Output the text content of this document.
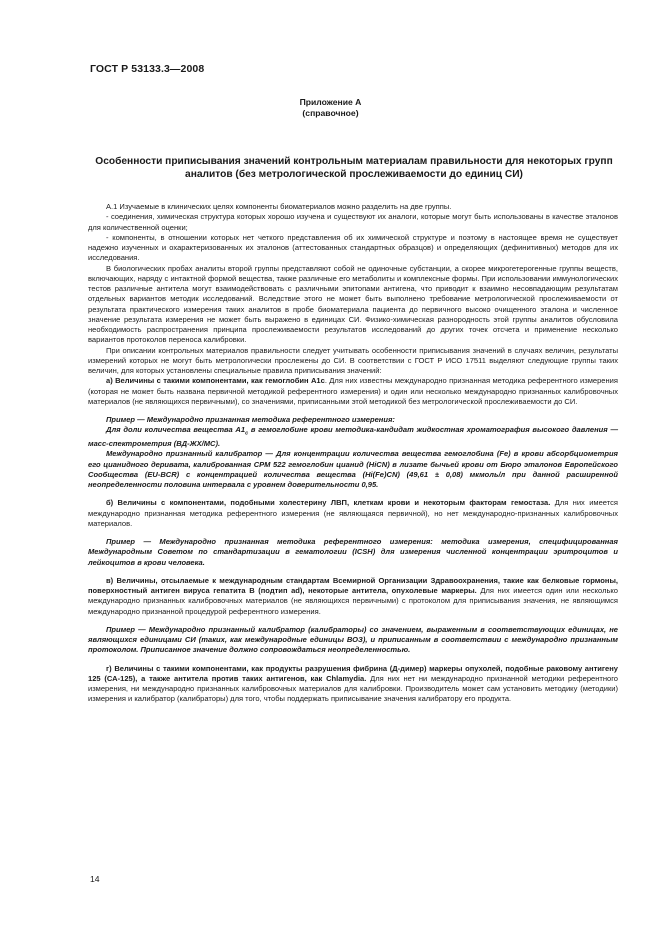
ГОСТ Р 53133.3—2008
Приложение А
(справочное)
Особенности приписывания значений контрольным материалам правильности для некоторых групп аналитов (без метрологической прослеживаемости до единиц СИ)

А.1 Изучаемые в клинических целях компоненты биоматериалов можно разделить на две группы.

- соединения, химическая структура которых хорошо изучена и существуют их аналоги, которые могут быть использованы в качестве эталонов для количественной оценки;

- компоненты, в отношении которых нет четкого представления об их химической структуре и поэтому в настоящее время не существует надежно изученных и охарактеризованных их эталонов (аттестованных стандартных образцов) и определяющих (дефинитивных) методов для их исследования.

В биологических пробах аналиты второй группы представляют собой не одиночные субстанции, а скорее микрогетерогенные группы веществ, включающих, наряду с интактной формой вещества, также различные его метаболиты и комплексные формы. При использовании иммунологических тестов различные антитела могут взаимодействовать с различными эпитопами антигена, что приводит к взаимно несовпадающим результатам отдельных вариантов методик исследований. Вследствие этого не может быть выполнено требование метрологической прослеживаемости от результата практического измерения таких аналитов в пробе биоматериала пациента до первичного высоко очищенного эталона и численное значение результата измерения не может быть выражено в единицах СИ. Физико-химическая разнородность этой группы аналитов обусловила необходимость распространения принципа прослеживаемости результатов исследований до других точек отсчета и применение несколько вариантов протоколов переноса калибровки.

При описании контрольных материалов правильности следует учитывать особенности приписывания значений в случаях величин, результаты измерений которых не могут быть метрологически прослежены до СИ. В соответствии с ГОСТ Р ИСО 17511 выделяют следующие группы таких величин, для которых установлены специальные правила приписывания значений:

а) Величины с такими компонентами, как гемоглобин А1с. Для них известны международно признанная методика референтного измерения (которая не может быть названа первичной методикой референтного измерения) и один или несколько международно признанных калибровочных материалов (не являющихся первичными), со значениями, приписанными этой методикой без метрологической прослеживаемости до СИ.

Пример — Международно признанная методика референтного измерения:

Для доли количества вещества $А1_с$ в гемоглобине крови методика-кандидат жидкостная хроматография высокого давления — масс-спектрометрия (ВД-ЖХ/МС).

Международно признанный калибратор — Для концентрации количества вещества гемоглобина (Fe) в крови абсорбциометрия его цианидного деривата, калиброванная СРМ 522 гемоглобин цианид (HiCN) в лизате бычьей крови от Бюро эталонов Европейского Сообщества (EU-BCR) с концентрацией количества вещества (Hi(Fe)CN) (49,61 ± 0,08) мкмоль/л при данной расширенной неопределенности половина интервала с уровнем доверительности 0,95.

б) Величины с компонентами, подобными холестерину ЛВП, клеткам крови и некоторым факторам гемостаза. Для них имеется международно признанная методика референтного измерения (не являющаяся первичной), но нет международно-признанных калибровочных материалов.

Пример — Международно признанная методика референтного измерения: методика измерения, специфицированная Международным Советом по стандартизации в гематологии (ICSH) для измерения численной концентрации эритроцитов и лейкоцитов в крови человека.

в) Величины, отсылаемые к международным стандартам Всемирной Организации Здравоохранения, такие как белковые гормоны, поверхностный антиген вируса гепатита В (подтип ad), некоторые антитела, опухолевые маркеры. Для них имеется один или несколько международно признанных калибровочных материалов (не являющихся первичными) с протоколом для приписывания значения, не являющимся международно признанной процедурой референтного измерения.

Пример — Международно признанный калибратор (калибраторы) со значением, выраженным в соответствующих единицах, не являющихся единицами СИ (таких, как международные единицы ВОЗ), и приписанным в соответствии с международно признанным протоколом. Приписанное значение должно сопровождаться неопределенностью.

г) Величины с такими компонентами, как продукты разрушения фибрина (Д-димер) маркеры опухолей, подобные раковому антигену 125 (СА-125), а также антитела против таких антигенов, как Chlamydia. Для них нет ни международно признанной методики референтного измерения, ни международно признанных калибровочных материалов для калибровки. Производитель может сам установить методику (методики) измерения и калибратор (калибраторы) для того, чтобы поддержать приписывание значения калибратору его продукта.

14
